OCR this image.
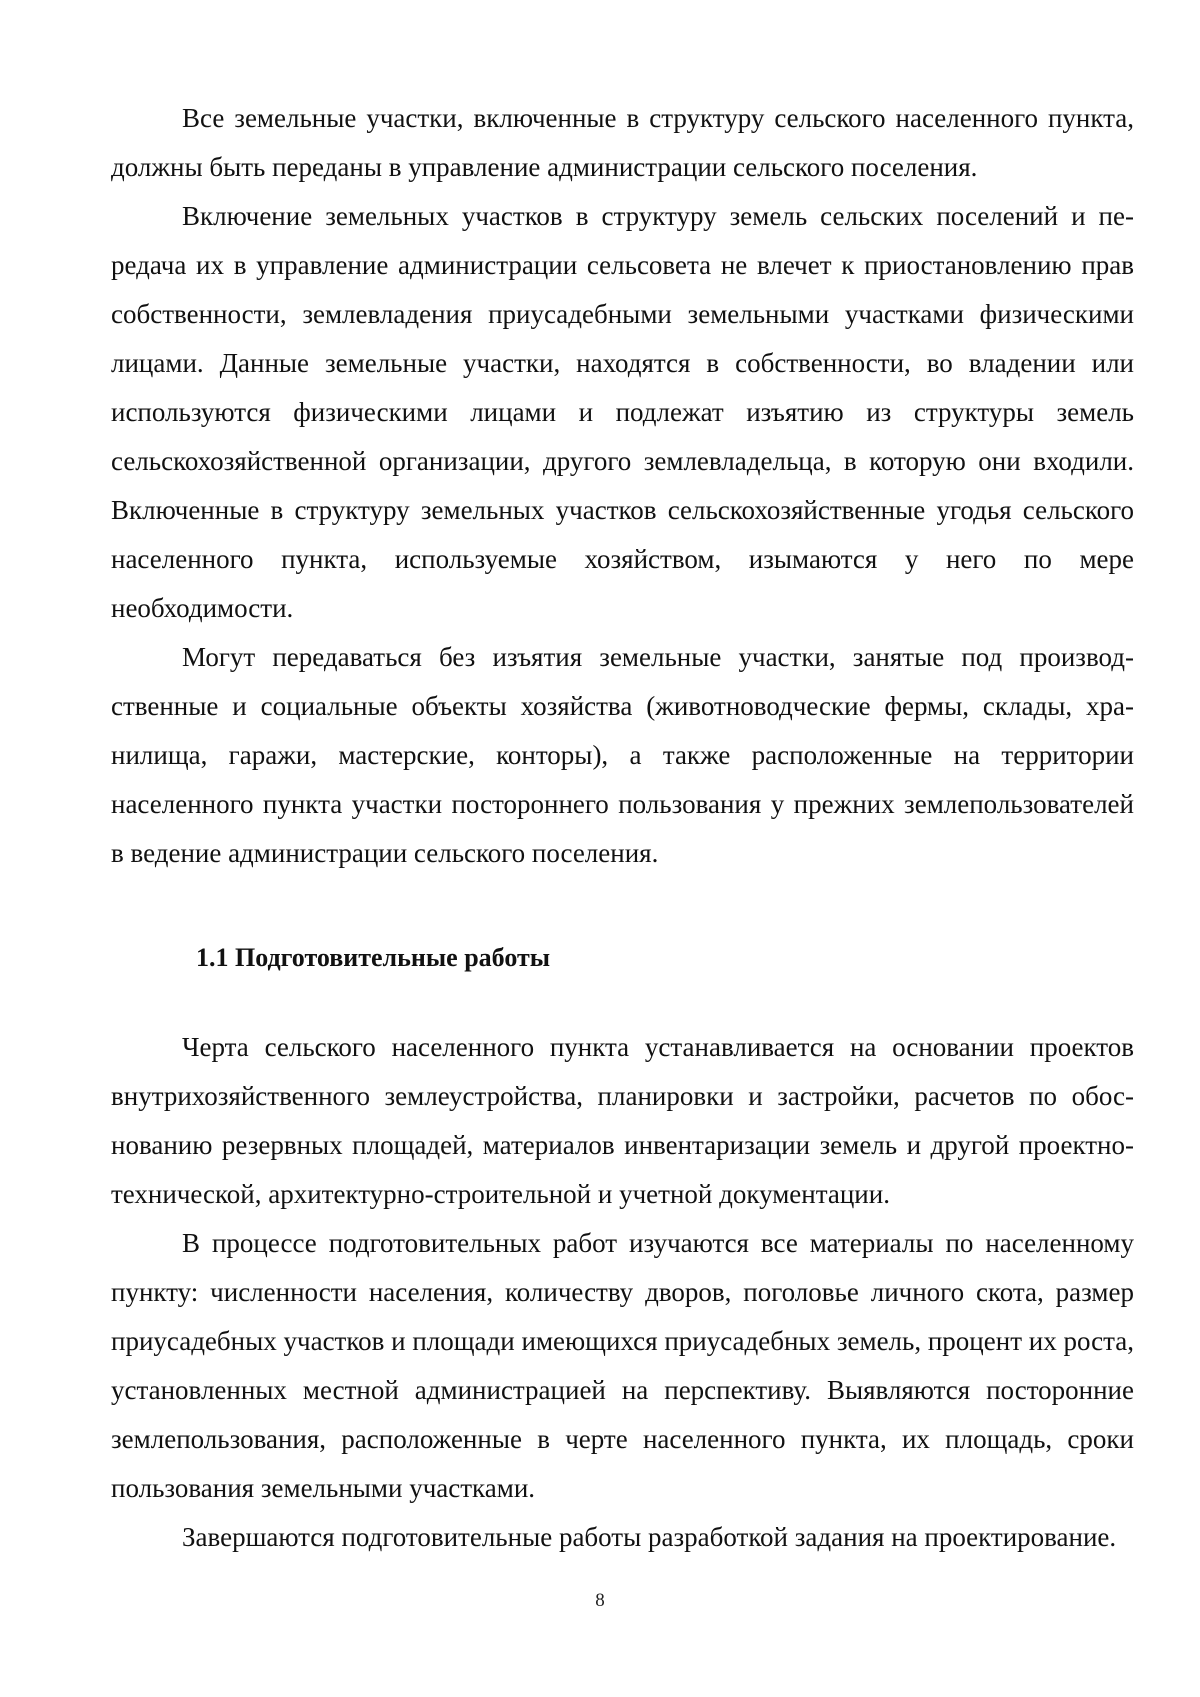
Все земельные участки, включенные в структуру сельского населенного пункта, должны быть переданы в управление администрации сельского поселения.

Включение земельных участков в структуру земель сельских поселений и передача их в управление администрации сельсовета не влечет к приостановлению прав собственности, землевладения приусадебными земельными участками физическими лицами. Данные земельные участки, находятся в собственности, во владении или используются физическими лицами и подлежат изъятию из структуры земель сельскохозяйственной организации, другого землевладельца, в которую они входили. Включенные в структуру земельных участков сельскохозяйственные угодья сельского населенного пункта, используемые хозяйством, изымаются у него по мере необходимости.

Могут передаваться без изъятия земельные участки, занятые под производственные и социальные объекты хозяйства (животноводческие фермы, склады, хранилища, гаражи, мастерские, конторы), а также расположенные на территории населенного пункта участки постороннего пользования у прежних землепользователей в ведение администрации сельского поселения.

1.1 Подготовительные работы

Черта сельского населенного пункта устанавливается на основании проектов внутрихозяйственного землеустройства, планировки и застройки, расчетов по обоснованию резервных площадей, материалов инвентаризации земель и другой проектно-технической, архитектурно-строительной и учетной документации.

В процессе подготовительных работ изучаются все материалы по населенному пункту: численности населения, количеству дворов, поголовье личного скота, размер приусадебных участков и площади имеющихся приусадебных земель, процент их роста, установленных местной администрацией на перспективу. Выявляются посторонние землепользования, расположенные в черте населенного пункта, их площадь, сроки пользования земельными участками.

Завершаются подготовительные работы разработкой задания на проектирование.

8
